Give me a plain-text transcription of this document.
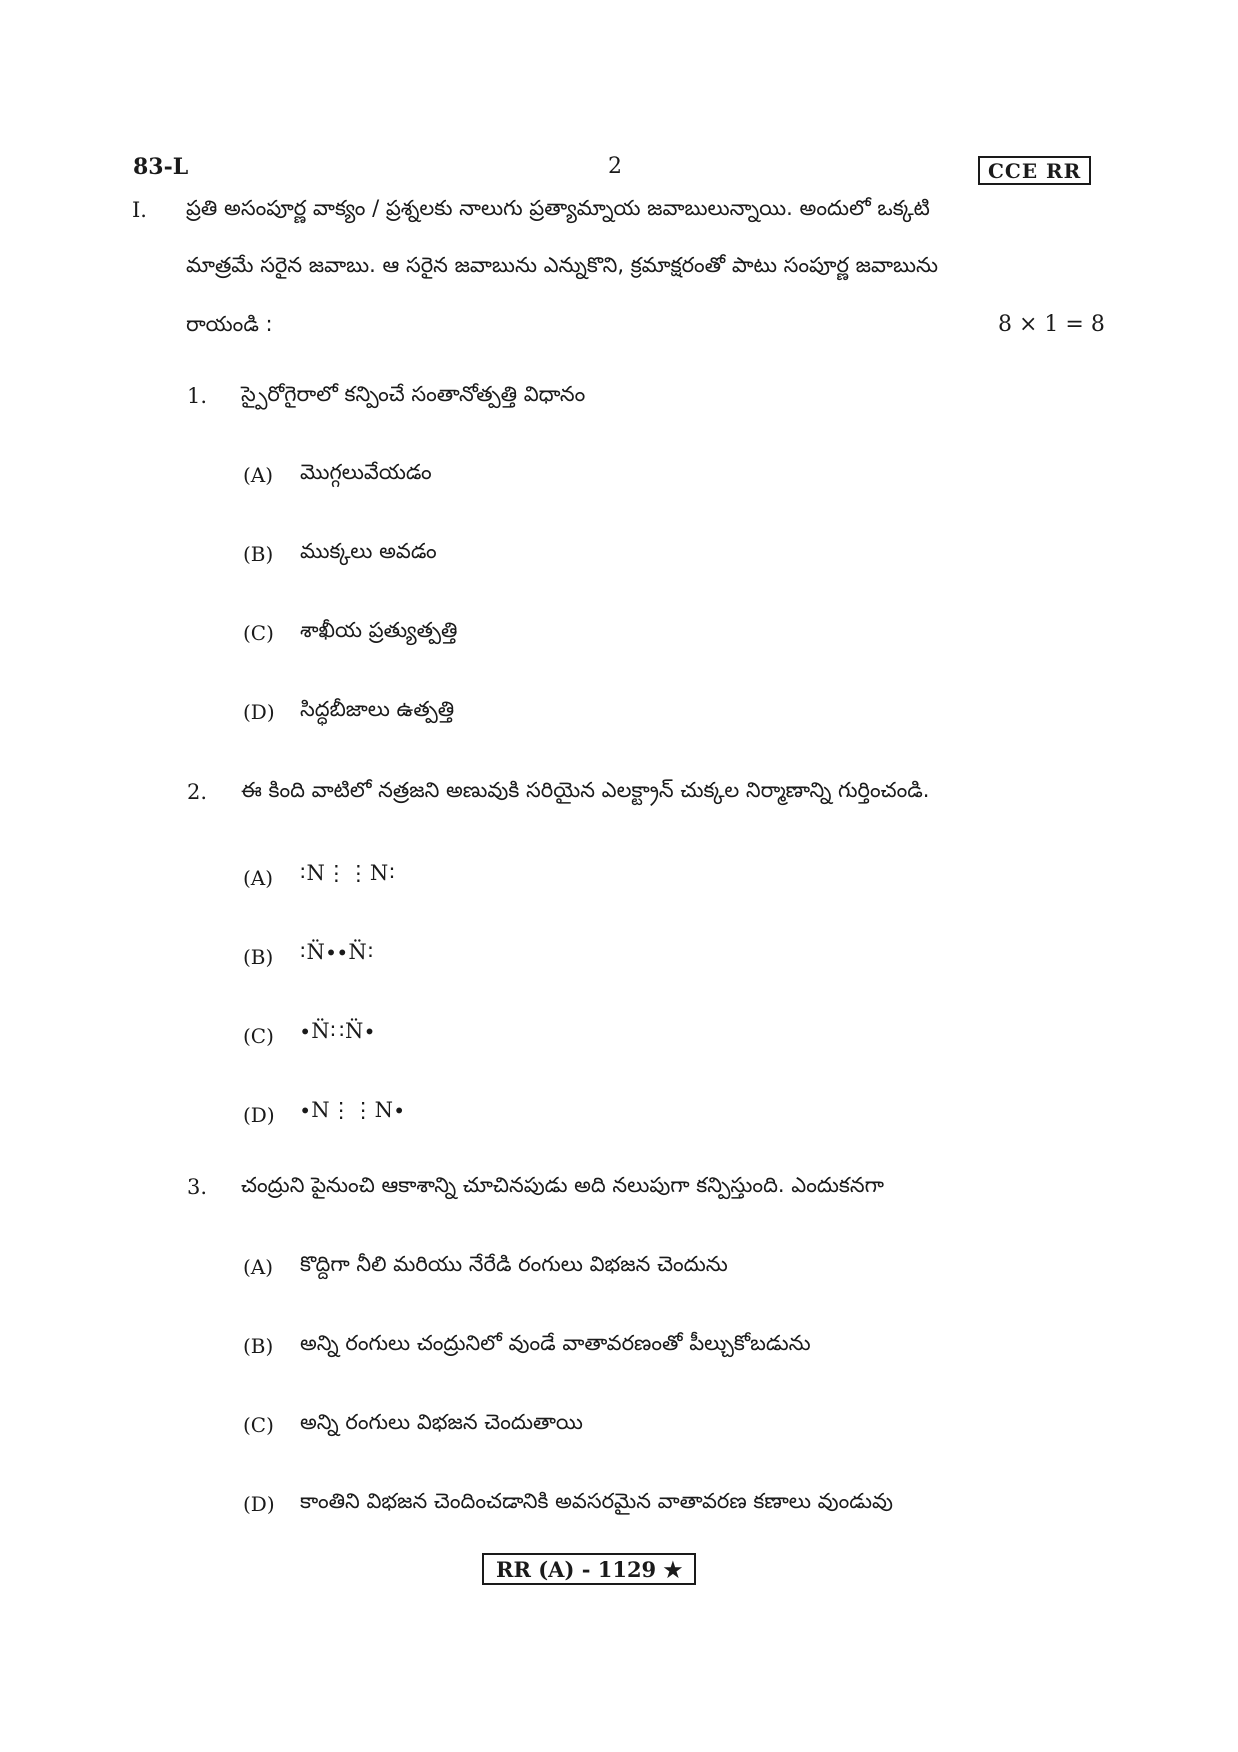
83-L	2	CCE RR
I. ప్రతి అసంపూర్ణ వాక్యం / ప్రశ్నలకు నాలుగు ప్రత్యామ్నాయ జవాబులున్నాయి. అందులో ఒక్కటి
మాత్రమే సరైన జవాబు. ఆ సరైన జవాబును ఎన్నుకొని, క్రమాక్షరంతో పాటు సంపూర్ణ జవాబును
రాయండి :	8 × 1 = 8
1. స్పైరోగైరాలో కన్పించే సంతానోత్పత్తి విధానం
(A) మొగ్గలువేయడం
(B) ముక్కలు అవడం
(C) శాఖీయ ప్రత్యుత్పత్తి
(D) సిద్ధబీజాలు ఉత్పత్తి
2. ఈ కింది వాటిలో నత్రజని అణువుకి సరియైన ఎలక్ట్రాన్ చుక్కల నిర్మాణాన్ని గుర్తించండి.
(A) ∶N⋮⋮N∶
(B) ∶N̈∙∙N̈∶
(C) ∙N̈∷N̈∙
(D) ∙N⋮⋮N∙
3. చంద్రుని పైనుంచి ఆకాశాన్ని చూచినపుడు అది నలుపుగా కన్పిస్తుంది. ఎందుకనగా
(A) కొద్దిగా నీలి మరియు నేరేడి రంగులు విభజన చెందును
(B) అన్ని రంగులు చంద్రునిలో వుండే వాతావరణంతో పీల్చుకోబడును
(C) అన్ని రంగులు విభజన చెందుతాయి
(D) కాంతిని విభజన చెందించడానికి అవసరమైన వాతావరణ కణాలు వుండువు
RR (A) - 1129 ★
